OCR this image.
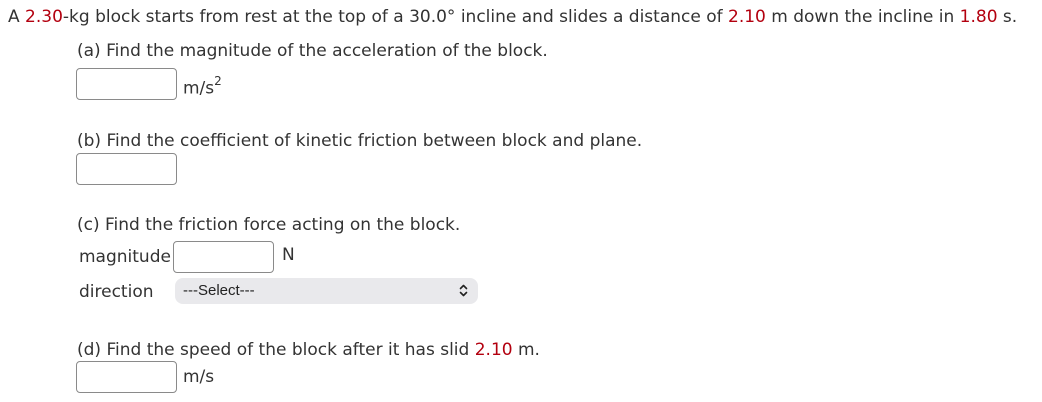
A 2.30-kg block starts from rest at the top of a 30.0° incline and slides a distance of 2.10 m down the incline in 1.80 s.
(a) Find the magnitude of the acceleration of the block.
$m/s^2$
(b) Find the coefficient of kinetic friction between block and plane.
(c) Find the friction force acting on the block.
magnitude	N
direction ---Select---
(d) Find the speed of the block after it has slid 2.10 m.
m/s
